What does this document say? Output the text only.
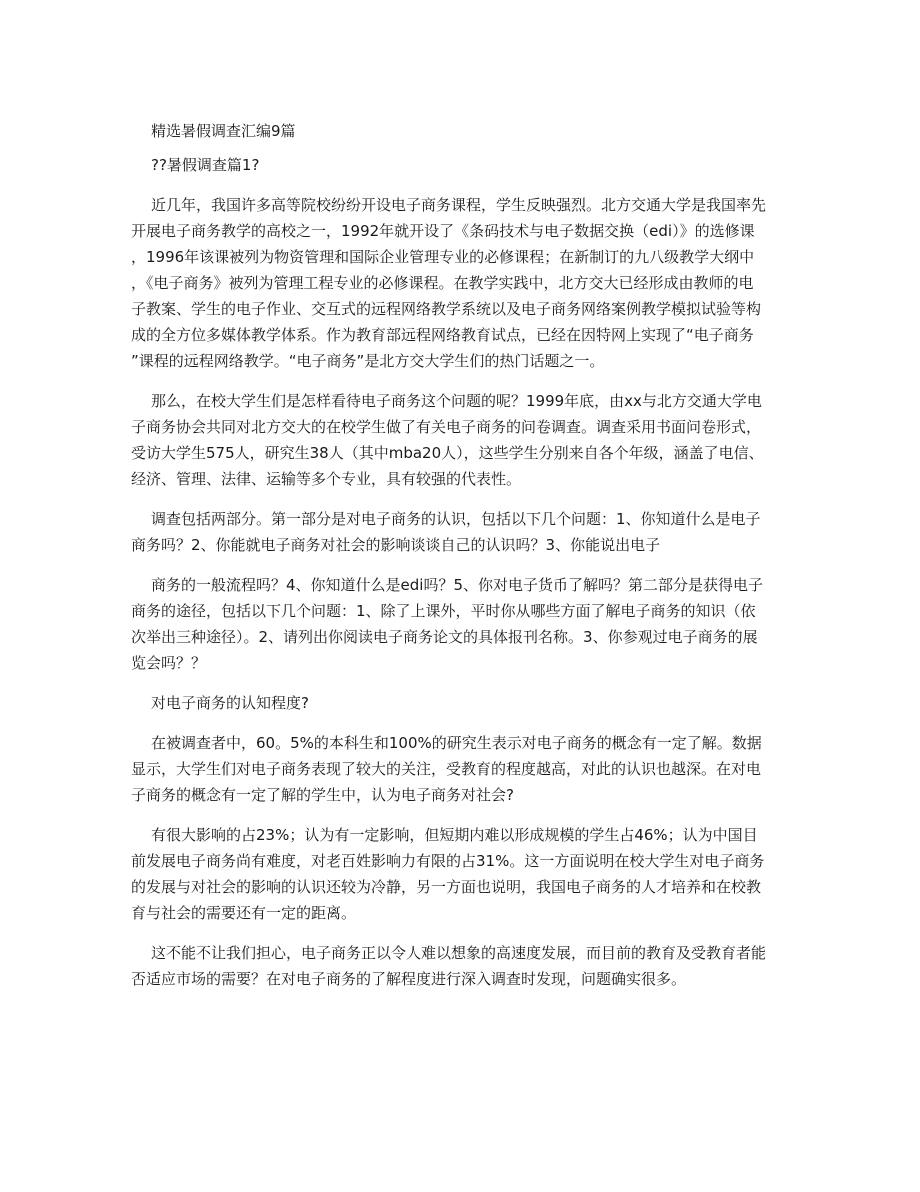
精选暑假调查汇编9篇
??暑假调查篇1?
近几年，我国许多高等院校纷纷开设电子商务课程，学生反映强烈。北方交通大学是我国率先
开展电子商务教学的高校之一，1992年就开设了《条码技术与电子数据交换（edi）》的选修课
，1996年该课被列为物资管理和国际企业管理专业的必修课程；在新制订的九八级教学大纲中
，《电子商务》被列为管理工程专业的必修课程。在教学实践中，北方交大已经形成由教师的电
子教案、学生的电子作业、交互式的远程网络教学系统以及电子商务网络案例教学模拟试验等构
成的全方位多媒体教学体系。作为教育部远程网络教育试点，已经在因特网上实现了“电子商务
”课程的远程网络教学。“电子商务”是北方交大学生们的热门话题之一。
那么，在校大学生们是怎样看待电子商务这个问题的呢？1999年底，由xx与北方交通大学电
子商务协会共同对北方交大的在校学生做了有关电子商务的问卷调查。调查采用书面问卷形式，
受访大学生575人，研究生38人（其中mba20人），这些学生分别来自各个年级，涵盖了电信、
经济、管理、法律、运输等多个专业，具有较强的代表性。
调查包括两部分。第一部分是对电子商务的认识，包括以下几个问题：1、你知道什么是电子
商务吗？2、你能就电子商务对社会的影响谈谈自己的认识吗？3、你能说出电子
商务的一般流程吗？4、你知道什么是edi吗？5、你对电子货币了解吗？第二部分是获得电子
商务的途径，包括以下几个问题：1、除了上课外，平时你从哪些方面了解电子商务的知识（依
次举出三种途径）。2、请列出你阅读电子商务论文的具体报刊名称。3、你参观过电子商务的展
览会吗？？
对电子商务的认知程度?
在被调查者中，60。5%的本科生和100%的研究生表示对电子商务的概念有一定了解。数据
显示，大学生们对电子商务表现了较大的关注，受教育的程度越高，对此的认识也越深。在对电
子商务的概念有一定了解的学生中，认为电子商务对社会?
有很大影响的占23%；认为有一定影响，但短期内难以形成规模的学生占46%；认为中国目
前发展电子商务尚有难度，对老百姓影响力有限的占31%。这一方面说明在校大学生对电子商务
的发展与对社会的影响的认识还较为冷静，另一方面也说明，我国电子商务的人才培养和在校教
育与社会的需要还有一定的距离。
这不能不让我们担心，电子商务正以令人难以想象的高速度发展，而目前的教育及受教育者能
否适应市场的需要？在对电子商务的了解程度进行深入调查时发现，问题确实很多。
